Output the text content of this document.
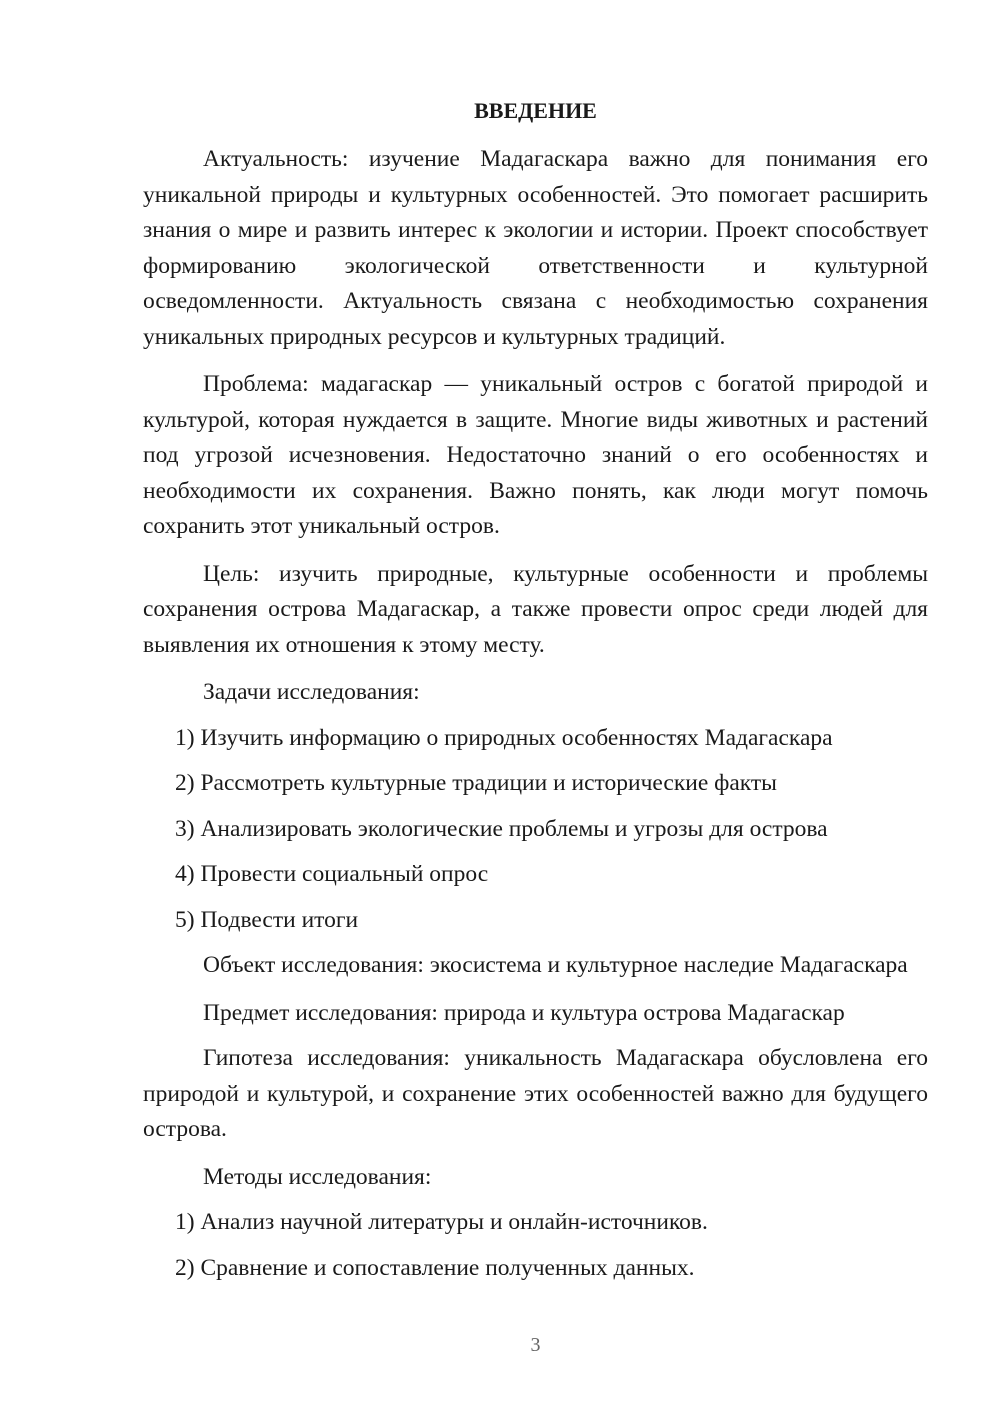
ВВЕДЕНИЕ

Актуальность: изучение Мадагаскара важно для понимания его уникальной природы и культурных особенностей. Это помогает расширить знания о мире и развить интерес к экологии и истории. Проект способствует формированию экологической ответственности и культурной осведомленности. Актуальность связана с необходимостью сохранения уникальных природных ресурсов и культурных традиций.

Проблема: мадагаскар — уникальный остров с богатой природой и культурой, которая нуждается в защите. Многие виды животных и растений под угрозой исчезновения. Недостаточно знаний о его особенностях и необходимости их сохранения. Важно понять, как люди могут помочь сохранить этот уникальный остров.

Цель: изучить природные, культурные особенности и проблемы сохранения острова Мадагаскар, а также провести опрос среди людей для выявления их отношения к этому месту.

Задачи исследования:

1) Изучить информацию о природных особенностях Мадагаскара
2) Рассмотреть культурные традиции и исторические факты
3) Анализировать экологические проблемы и угрозы для острова
4) Провести социальный опрос
5) Подвести итоги

Объект исследования: экосистема и культурное наследие Мадагаскара

Предмет исследования: природа и культура острова Мадагаскар

Гипотеза исследования: уникальность Мадагаскара обусловлена его природой и культурой, и сохранение этих особенностей важно для будущего острова.

Методы исследования:

1) Анализ научной литературы и онлайн-источников.
2) Сравнение и сопоставление полученных данных.
3
